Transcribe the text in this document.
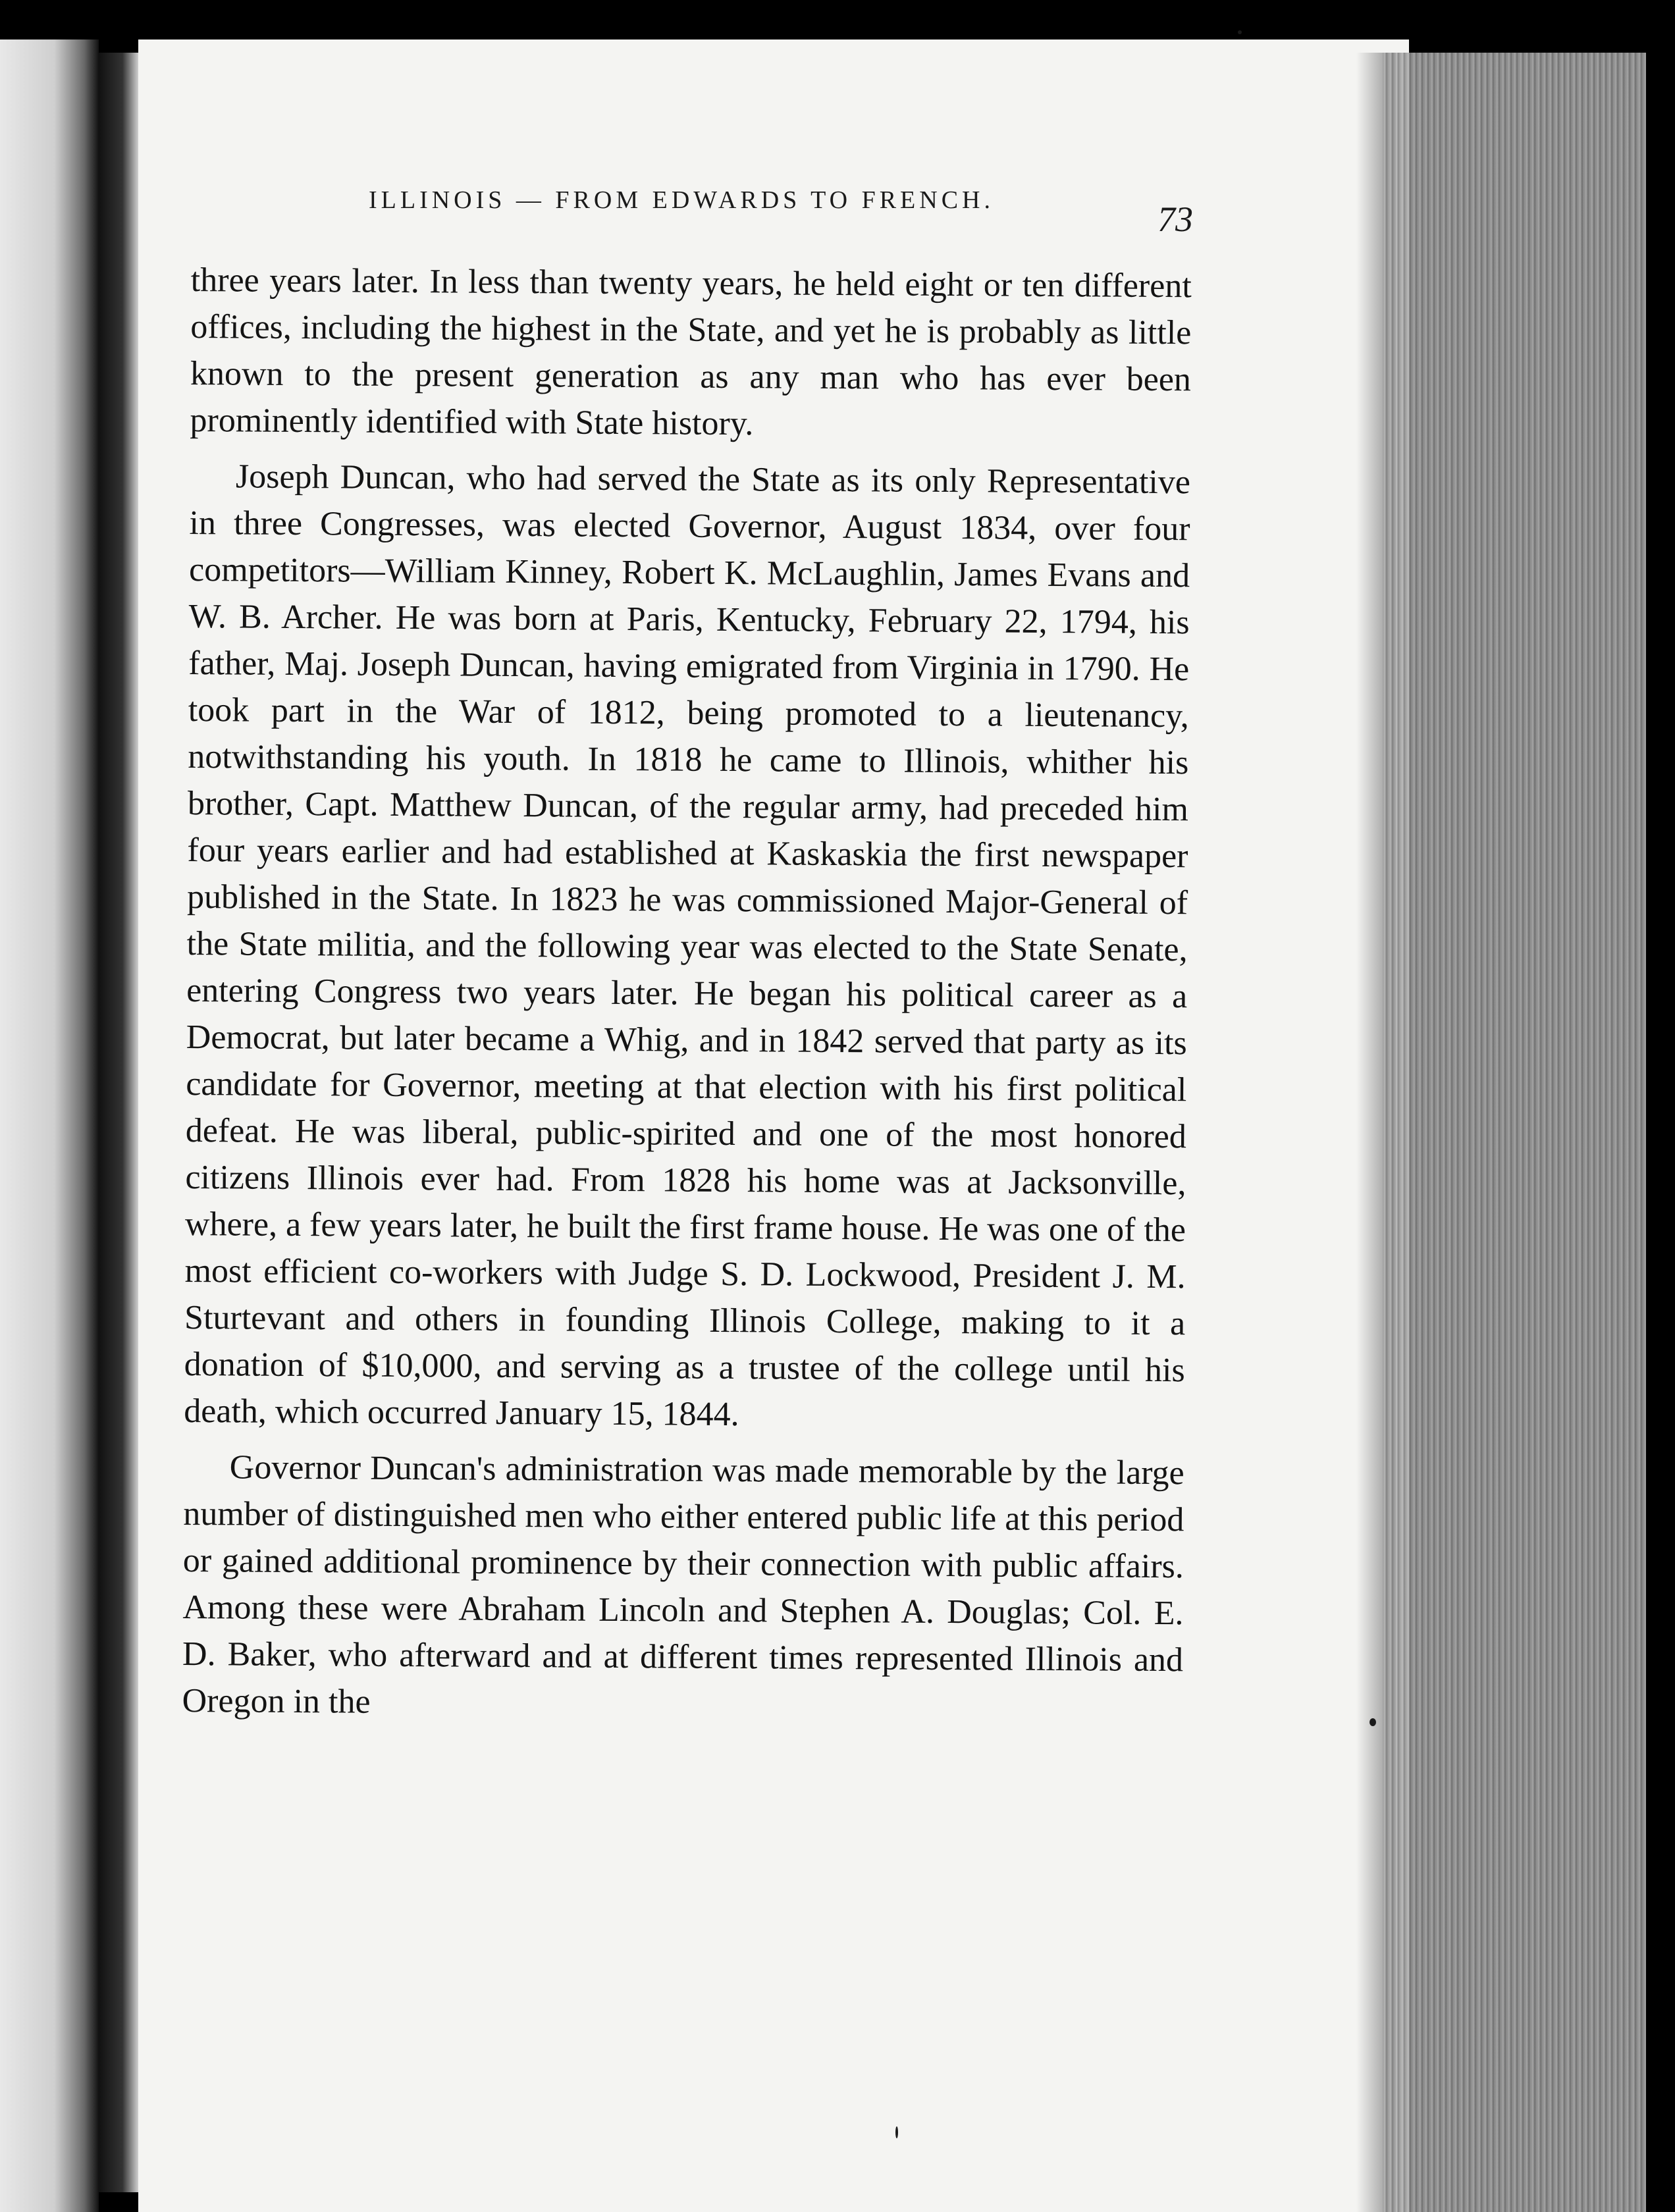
ILLINOIS — FROM EDWARDS TO FRENCH.	73

three years later. In less than twenty years, he held eight or ten different offices, including the highest in the State, and yet he is probably as little known to the present generation as any man who has ever been prominently identified with State history.

Joseph Duncan, who had served the State as its only Representative in three Congresses, was elected Governor, August 1834, over four competitors—William Kinney, Robert K. McLaughlin, James Evans and W. B. Archer. He was born at Paris, Kentucky, February 22, 1794, his father, Maj. Joseph Duncan, having emigrated from Virginia in 1790. He took part in the War of 1812, being promoted to a lieutenancy, notwithstanding his youth. In 1818 he came to Illinois, whither his brother, Capt. Matthew Duncan, of the regular army, had preceded him four years earlier and had established at Kaskaskia the first newspaper published in the State. In 1823 he was commissioned Major-General of the State militia, and the following year was elected to the State Senate, entering Congress two years later. He began his political career as a Democrat, but later became a Whig, and in 1842 served that party as its candidate for Governor, meeting at that election with his first political defeat. He was liberal, public-spirited and one of the most honored citizens Illinois ever had. From 1828 his home was at Jacksonville, where, a few years later, he built the first frame house. He was one of the most efficient co-workers with Judge S. D. Lockwood, President J. M. Sturtevant and others in founding Illinois College, making to it a donation of $10,000, and serving as a trustee of the college until his death, which occurred January 15, 1844.

Governor Duncan's administration was made memorable by the large number of distinguished men who either entered public life at this period or gained additional prominence by their connection with public affairs. Among these were Abraham Lincoln and Stephen A. Douglas; Col. E. D. Baker, who afterward and at different times represented Illinois and Oregon in the
